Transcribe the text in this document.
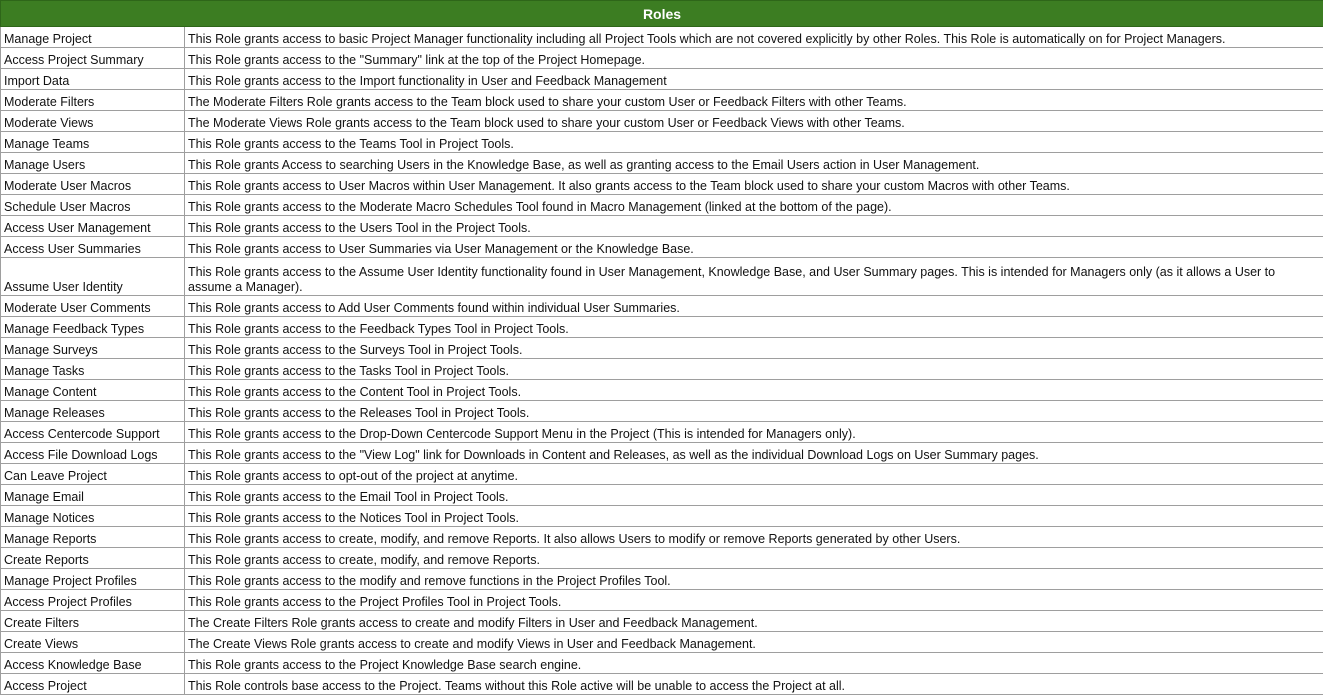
Roles	
Manage Project	This Role grants access to basic Project Manager functionality including all Project Tools which are not covered explicitly by other Roles. This Role is automatically on for Project Managers.
Access Project Summary	This Role grants access to the "Summary" link at the top of the Project Homepage.
Import Data	This Role grants access to the Import functionality in User and Feedback Management
Moderate Filters	The Moderate Filters Role grants access to the Team block used to share your custom User or Feedback Filters with other Teams.
Moderate Views	The Moderate Views Role grants access to the Team block used to share your custom User or Feedback Views with other Teams.
Manage Teams	This Role grants access to the Teams Tool in Project Tools.
Manage Users	This Role grants Access to searching Users in the Knowledge Base, as well as granting access to the Email Users action in User Management.
Moderate User Macros	This Role grants access to User Macros within User Management. It also grants access to the Team block used to share your custom Macros with other Teams.
Schedule User Macros	This Role grants access to the Moderate Macro Schedules Tool found in Macro Management (linked at the bottom of the page).
Access User Management	This Role grants access to the Users Tool in the Project Tools.
Access User Summaries	This Role grants access to User Summaries via User Management or the Knowledge Base.
Assume User Identity	This Role grants access to the Assume User Identity functionality found in User Management, Knowledge Base, and User Summary pages. This is intended for Managers only (as it allows a User to assume a Manager).
Moderate User Comments	This Role grants access to Add User Comments found within individual User Summaries.
Manage Feedback Types	This Role grants access to the Feedback Types Tool in Project Tools.
Manage Surveys	This Role grants access to the Surveys Tool in Project Tools.
Manage Tasks	This Role grants access to the Tasks Tool in Project Tools.
Manage Content	This Role grants access to the Content Tool in Project Tools.
Manage Releases	This Role grants access to the Releases Tool in Project Tools.
Access Centercode Support	This Role grants access to the Drop-Down Centercode Support Menu in the Project (This is intended for Managers only).
Access File Download Logs	This Role grants access to the "View Log" link for Downloads in Content and Releases, as well as the individual Download Logs on User Summary pages.
Can Leave Project	This Role grants access to opt-out of the project at anytime.
Manage Email	This Role grants access to the Email Tool in Project Tools.
Manage Notices	This Role grants access to the Notices Tool in Project Tools.
Manage Reports	This Role grants access to create, modify, and remove Reports. It also allows Users to modify or remove Reports generated by other Users.
Create Reports	This Role grants access to create, modify, and remove Reports.
Manage Project Profiles	This Role grants access to the modify and remove functions in the Project Profiles Tool.
Access Project Profiles	This Role grants access to the Project Profiles Tool in Project Tools.
Create Filters	The Create Filters Role grants access to create and modify Filters in User and Feedback Management.
Create Views	The Create Views Role grants access to create and modify Views in User and Feedback Management.
Access Knowledge Base	This Role grants access to the Project Knowledge Base search engine.
Access Project	This Role controls base access to the Project. Teams without this Role active will be unable to access the Project at all.
